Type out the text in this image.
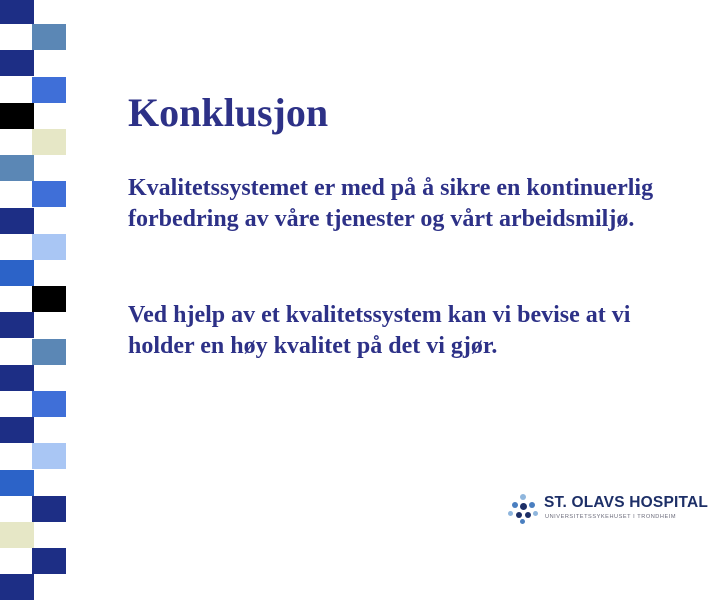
Konklusjon

Kvalitetssystemet er med på å sikre en kontinuerlig forbedring av våre tjenester og vårt arbeidsmiljø.

Ved hjelp av et kvalitetssystem kan vi bevise at vi holder en høy kvalitet på det vi gjør.

ST. OLAVS HOSPITAL
UNIVERSITETSSYKEHUSET I TRONDHEIM
